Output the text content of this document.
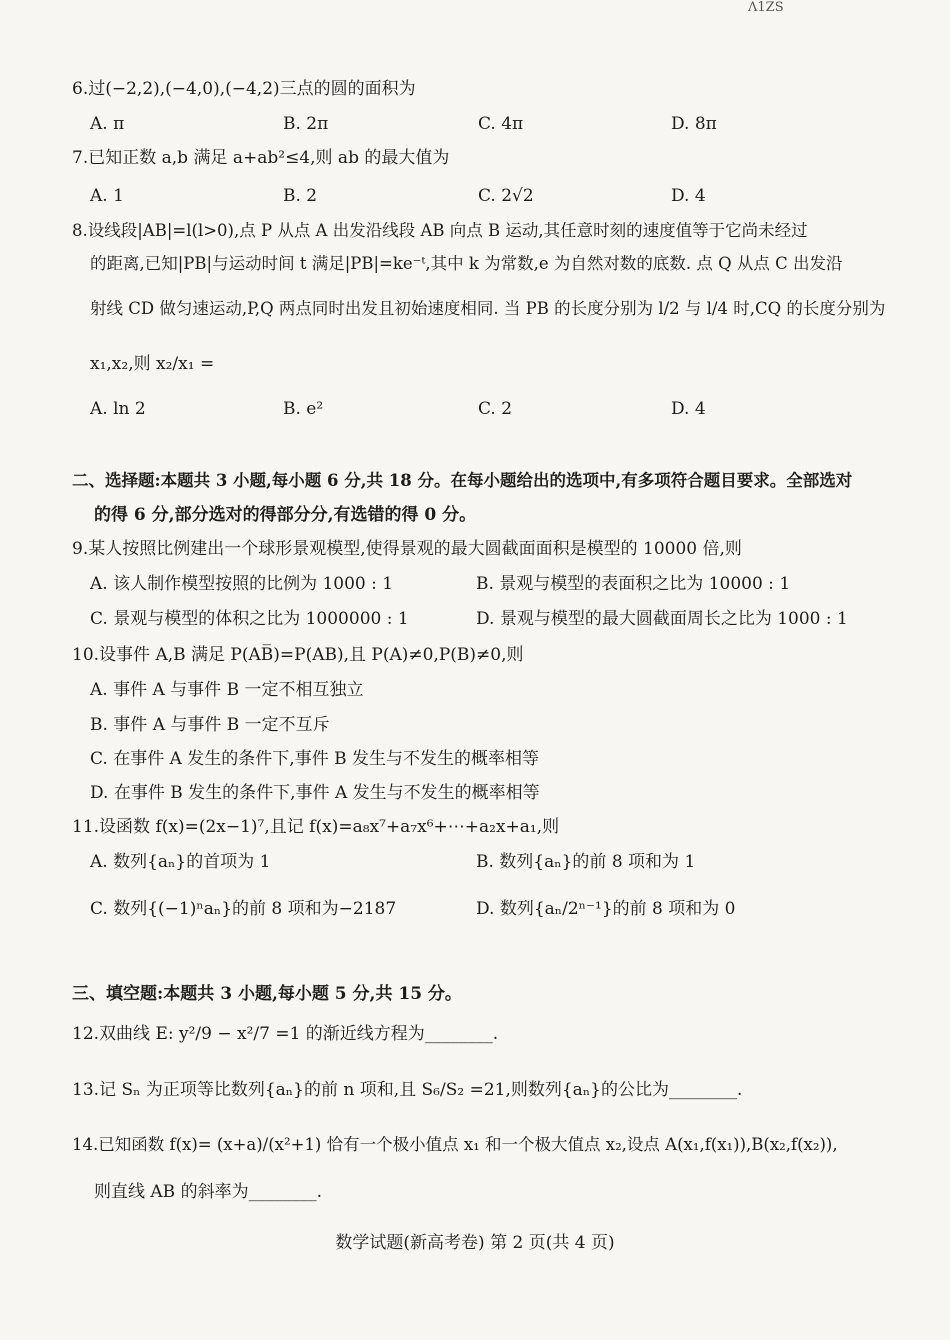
Λ1ZS
6.过(−2,2),(−4,0),(−4,2)三点的圆的面积为
A. π	B. 2π	C. 4π	D. 8π
7.已知正数 a,b 满足 a+ab²≤4,则 ab 的最大值为
A. 1	B. 2	C. 2√2	D. 4
8.设线段|AB|=l(l>0),点 P 从点 A 出发沿线段 AB 向点 B 运动,其任意时刻的速度值等于它尚未经过
的距离,已知|PB|与运动时间 t 满足|PB|=ke⁻ᵗ,其中 k 为常数,e 为自然对数的底数. 点 Q 从点 C 出发沿
射线 CD 做匀速运动,P,Q 两点同时出发且初始速度相同. 当 PB 的长度分别为 l/2 与 l/4 时,CQ 的长度分别为
x₁,x₂,则 x₂/x₁ =
A. ln 2	B. e²	C. 2	D. 4
二、选择题:本题共 3 小题,每小题 6 分,共 18 分。在每小题给出的选项中,有多项符合题目要求。全部选对
的得 6 分,部分选对的得部分分,有选错的得 0 分。
9.某人按照比例建出一个球形景观模型,使得景观的最大圆截面面积是模型的 10000 倍,则
A. 该人制作模型按照的比例为 1000 : 1	B. 景观与模型的表面积之比为 10000 : 1
C. 景观与模型的体积之比为 1000000 : 1	D. 景观与模型的最大圆截面周长之比为 1000 : 1
10.设事件 A,B 满足 P(AB̅)=P(AB),且 P(A)≠0,P(B)≠0,则
A. 事件 A 与事件 B 一定不相互独立
B. 事件 A 与事件 B 一定不互斥
C. 在事件 A 发生的条件下,事件 B 发生与不发生的概率相等
D. 在事件 B 发生的条件下,事件 A 发生与不发生的概率相等
11.设函数 f(x)=(2x−1)⁷,且记 f(x)=a₈x⁷+a₇x⁶+⋯+a₂x+a₁,则
A. 数列{aₙ}的首项为 1	B. 数列{aₙ}的前 8 项和为 1
C. 数列{(−1)ⁿaₙ}的前 8 项和为−2187	D. 数列{aₙ/2ⁿ⁻¹}的前 8 项和为 0
三、填空题:本题共 3 小题,每小题 5 分,共 15 分。
12.双曲线 E: y²/9 − x²/7 =1 的渐近线方程为________.
13.记 Sₙ 为正项等比数列{aₙ}的前 n 项和,且 S₆/S₂ =21,则数列{aₙ}的公比为________.
14.已知函数 f(x)= (x+a)/(x²+1) 恰有一个极小值点 x₁ 和一个极大值点 x₂,设点 A(x₁,f(x₁)),B(x₂,f(x₂)),
则直线 AB 的斜率为________.
数学试题(新高考卷) 第 2 页(共 4 页)
